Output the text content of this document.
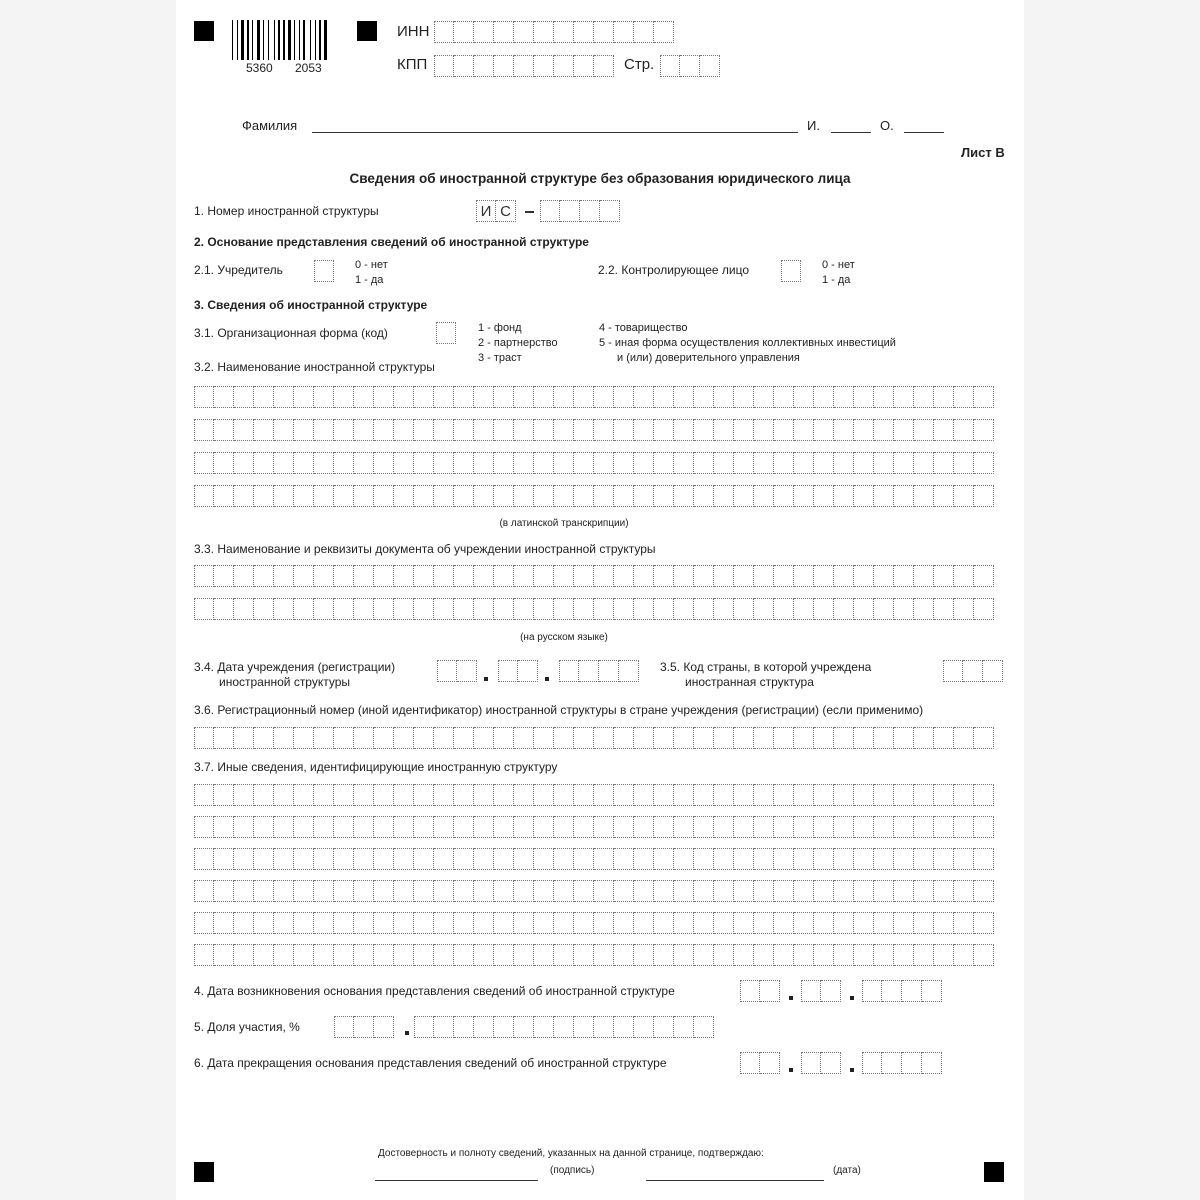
5360 2053
ИНН
КПП	Стр.
Фамилия	И.	О.
Лист В
Сведения об иностранной структуре без образования юридического лица
1. Номер иностранной структуры	И С
2. Основание представления сведений об иностранной структуре
2.1. Учредитель	0 - нет
1 - да
2.2. Контролирующее лицо	0 - нет
1 - да
3. Сведения об иностранной структуре
3.1. Организационная форма (код)	1 - фонд
2 - партнерство
3 - траст
4 - товарищество
5 - иная форма осуществления коллективных инвестиций
и (или) доверительного управления
3.2. Наименование иностранной структуры
(в латинской транскрипции)
3.3. Наименование и реквизиты документа об учреждении иностранной структуры
(на русском языке)
3.4. Дата учреждения (регистрации)
иностранной структуры
3.5. Код страны, в которой учреждена
иностранная структура
3.6. Регистрационный номер (иной идентификатор) иностранной структуры в стране учреждения (регистрации) (если применимо)
3.7. Иные сведения, идентифицирующие иностранную структуру
4. Дата возникновения основания представления сведений об иностранной структуре
5. Доля участия, %
6. Дата прекращения основания представления сведений об иностранной структуре
Достоверность и полноту сведений, указанных на данной странице, подтверждаю:
(подпись)	(дата)
